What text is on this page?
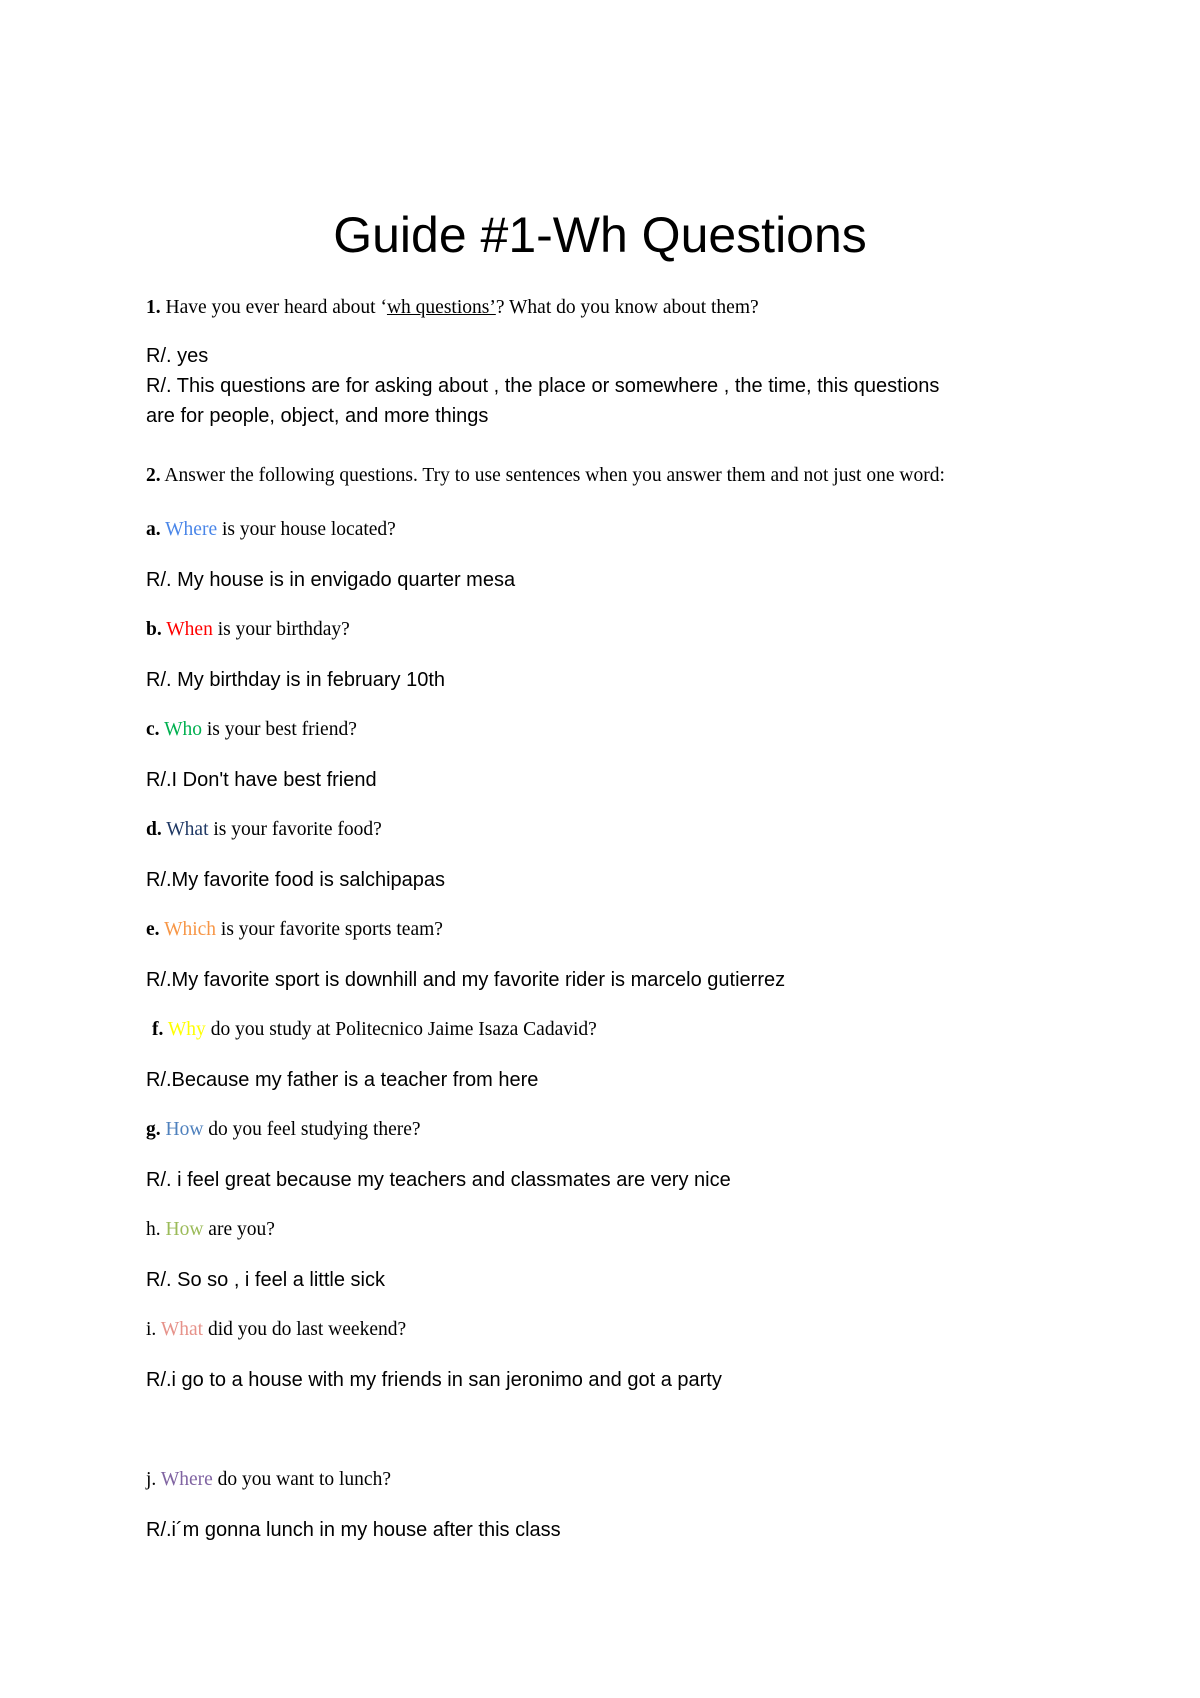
Guide #1-Wh Questions
1. Have you ever heard about ‘wh questions’? What do you know about them?
R/. yes
R/. This questions are for asking about , the place or somewhere , the time, this questions
are for people, object, and more things
2. Answer the following questions. Try to use sentences when you answer them and not just one word:
a. Where is your house located?
R/. My house is in envigado quarter mesa
b. When is your birthday?
R/. My birthday is in february 10th
c. Who is your best friend?
R/.I Don't have best friend
d. What is your favorite food?
R/.My favorite food is salchipapas
e. Which is your favorite sports team?
R/.My favorite sport is downhill and my favorite rider is marcelo gutierrez
f. Why do you study at Politecnico Jaime Isaza Cadavid?
R/.Because my father is a teacher from here
g. How do you feel studying there?
R/. i feel great because my teachers and classmates are very nice
h. How are you?
R/. So so , i feel a little sick
i. What did you do last weekend?
R/.i go to a house with my friends in san jeronimo and got a party
j. Where do you want to lunch?
R/.i´m gonna lunch in my house after this class
